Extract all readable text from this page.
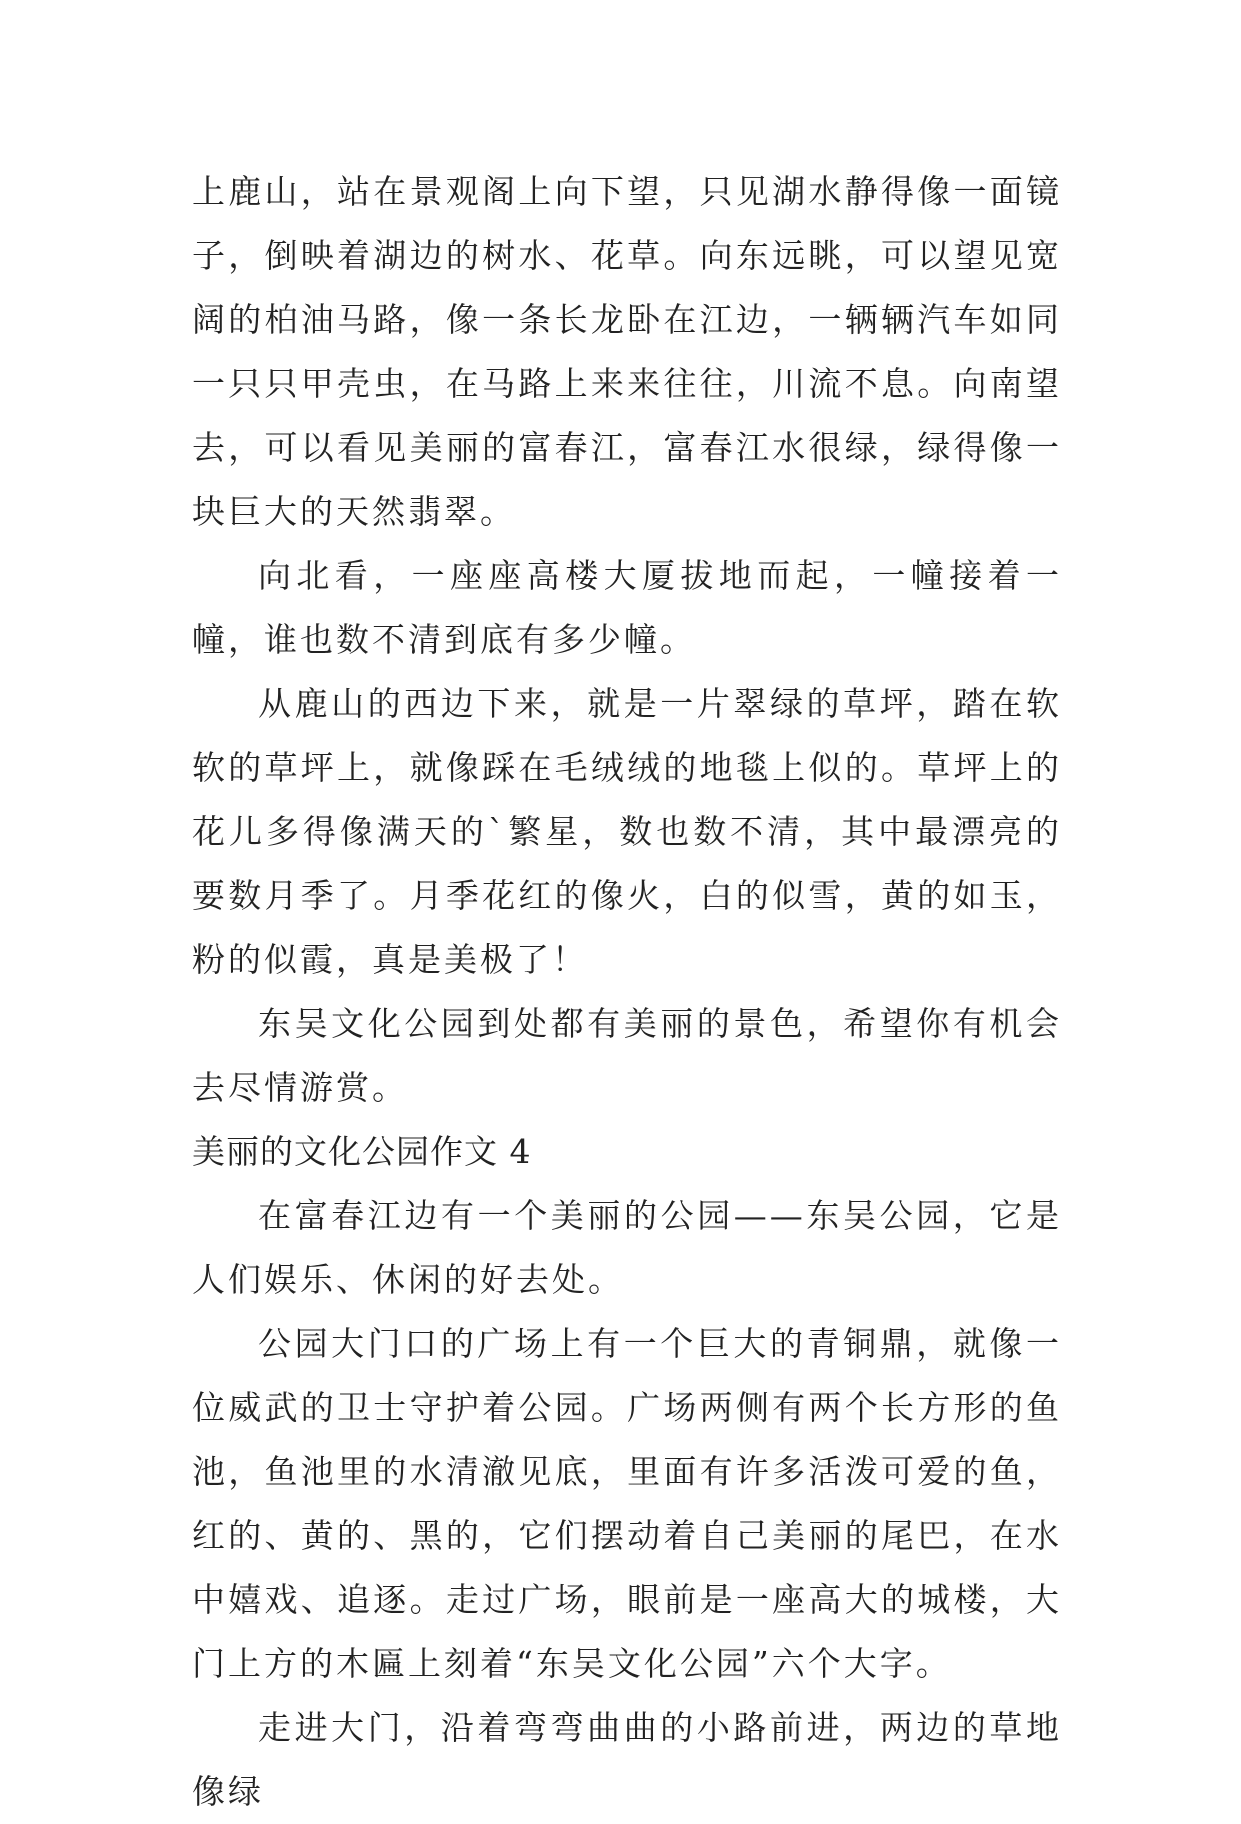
上鹿山，站在景观阁上向下望，只见湖水静得像一面镜子，倒映着湖边的树水、花草。向东远眺，可以望见宽阔的柏油马路，像一条长龙卧在江边，一辆辆汽车如同一只只甲壳虫，在马路上来来往往，川流不息。向南望去，可以看见美丽的富春江，富春江水很绿，绿得像一块巨大的天然翡翠。

向北看，一座座高楼大厦拔地而起，一幢接着一幢，谁也数不清到底有多少幢。

从鹿山的西边下来，就是一片翠绿的草坪，踏在软软的草坪上，就像踩在毛绒绒的地毯上似的。草坪上的花儿多得像满天的`繁星，数也数不清，其中最漂亮的要数月季了。月季花红的像火，白的似雪，黄的如玉，粉的似霞，真是美极了！

东吴文化公园到处都有美丽的景色，希望你有机会去尽情游赏。

美丽的文化公园作文 4

在富春江边有一个美丽的公园——东吴公园，它是人们娱乐、休闲的好去处。

公园大门口的广场上有一个巨大的青铜鼎，就像一位威武的卫士守护着公园。广场两侧有两个长方形的鱼池，鱼池里的水清澈见底，里面有许多活泼可爱的鱼，红的、黄的、黑的，它们摆动着自己美丽的尾巴，在水中嬉戏、追逐。走过广场，眼前是一座高大的城楼，大门上方的木匾上刻着“东吴文化公园”六个大字。

走进大门，沿着弯弯曲曲的小路前进，两边的草地像绿
